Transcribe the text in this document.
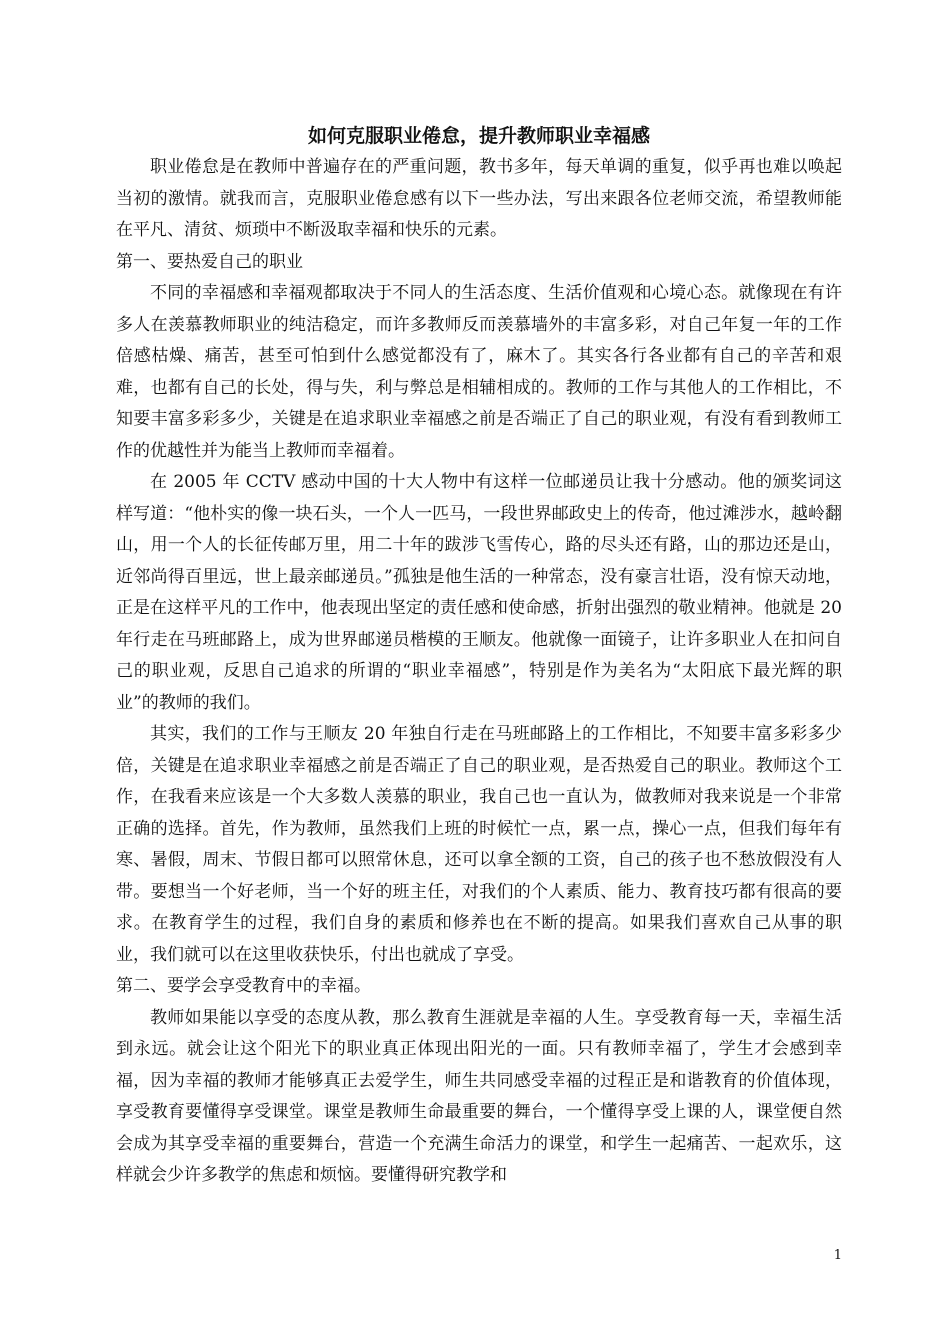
如何克服职业倦怠，提升教师职业幸福感

职业倦怠是在教师中普遍存在的严重问题，教书多年，每天单调的重复，似乎再也难以唤起当初的激情。就我而言，克服职业倦怠感有以下一些办法，写出来跟各位老师交流，希望教师能在平凡、清贫、烦琐中不断汲取幸福和快乐的元素。

第一、要热爱自己的职业

不同的幸福感和幸福观都取决于不同人的生活态度、生活价值观和心境心态。就像现在有许多人在羡慕教师职业的纯洁稳定，而许多教师反而羡慕墙外的丰富多彩，对自己年复一年的工作倍感枯燥、痛苦，甚至可怕到什么感觉都没有了，麻木了。其实各行各业都有自己的辛苦和艰难，也都有自己的长处，得与失，利与弊总是相辅相成的。教师的工作与其他人的工作相比，不知要丰富多彩多少，关键是在追求职业幸福感之前是否端正了自己的职业观，有没有看到教师工作的优越性并为能当上教师而幸福着。

在 2005 年 CCTV 感动中国的十大人物中有这样一位邮递员让我十分感动。他的颁奖词这样写道：“他朴实的像一块石头，一个人一匹马，一段世界邮政史上的传奇，他过滩涉水，越岭翻山，用一个人的长征传邮万里，用二十年的跋涉飞雪传心，路的尽头还有路，山的那边还是山，近邻尚得百里远，世上最亲邮递员。”孤独是他生活的一种常态，没有豪言壮语，没有惊天动地，正是在这样平凡的工作中，他表现出坚定的责任感和使命感，折射出强烈的敬业精神。他就是 20 年行走在马班邮路上，成为世界邮递员楷模的王顺友。他就像一面镜子，让许多职业人在扣问自己的职业观，反思自己追求的所谓的“职业幸福感”，特别是作为美名为“太阳底下最光辉的职业”的教师的我们。

其实，我们的工作与王顺友 20 年独自行走在马班邮路上的工作相比，不知要丰富多彩多少倍，关键是在追求职业幸福感之前是否端正了自己的职业观，是否热爱自己的职业。教师这个工作，在我看来应该是一个大多数人羡慕的职业，我自己也一直认为，做教师对我来说是一个非常正确的选择。首先，作为教师，虽然我们上班的时候忙一点，累一点，操心一点，但我们每年有寒、暑假，周末、节假日都可以照常休息，还可以拿全额的工资，自己的孩子也不愁放假没有人带。要想当一个好老师，当一个好的班主任，对我们的个人素质、能力、教育技巧都有很高的要求。在教育学生的过程，我们自身的素质和修养也在不断的提高。如果我们喜欢自己从事的职业，我们就可以在这里收获快乐，付出也就成了享受。

第二、要学会享受教育中的幸福。

教师如果能以享受的态度从教，那么教育生涯就是幸福的人生。享受教育每一天，幸福生活到永远。就会让这个阳光下的职业真正体现出阳光的一面。只有教师幸福了，学生才会感到幸福，因为幸福的教师才能够真正去爱学生，师生共同感受幸福的过程正是和谐教育的价值体现，享受教育要懂得享受课堂。课堂是教师生命最重要的舞台，一个懂得享受上课的人，课堂便自然会成为其享受幸福的重要舞台，营造一个充满生命活力的课堂，和学生一起痛苦、一起欢乐，这样就会少许多教学的焦虑和烦恼。要懂得研究教学和

1
